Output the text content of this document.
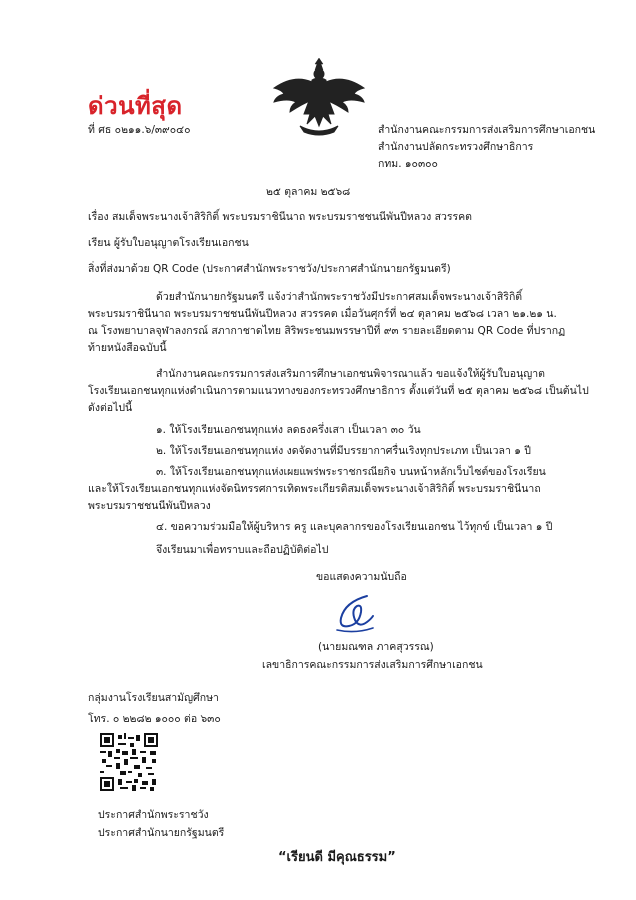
ด่วนที่สุด
ที่ ศธ ๐๒๑๑.๖/๓๙๐๔๐	สำนักงานคณะกรรมการส่งเสริมการศึกษาเอกชน
สำนักงานปลัดกระทรวงศึกษาธิการ
กทม. ๑๐๓๐๐
๒๕ ตุลาคม ๒๕๖๘
เรื่อง สมเด็จพระนางเจ้าสิริกิติ์ พระบรมราชินีนาถ พระบรมราชชนนีพันปีหลวง สวรรคต
เรียน ผู้รับใบอนุญาตโรงเรียนเอกชน
สิ่งที่ส่งมาด้วย QR Code (ประกาศสำนักพระราชวัง/ประกาศสำนักนายกรัฐมนตรี)
ด้วยสำนักนายกรัฐมนตรี แจ้งว่าสำนักพระราชวังมีประกาศสมเด็จพระนางเจ้าสิริกิติ์
พระบรมราชินีนาถ พระบรมราชชนนีพันปีหลวง สวรรคต เมื่อวันศุกร์ที่ ๒๔ ตุลาคม ๒๕๖๘ เวลา ๒๑.๒๑ น.
ณ โรงพยาบาลจุฬาลงกรณ์ สภากาชาดไทย สิริพระชนมพรรษาปีที่ ๙๓ รายละเอียดตาม QR Code ที่ปรากฏ
ท้ายหนังสือฉบับนี้
สำนักงานคณะกรรมการส่งเสริมการศึกษาเอกชนพิจารณาแล้ว ขอแจ้งให้ผู้รับใบอนุญาต
โรงเรียนเอกชนทุกแห่งดำเนินการตามแนวทางของกระทรวงศึกษาธิการ ตั้งแต่วันที่ ๒๕ ตุลาคม ๒๕๖๘ เป็นต้นไป
ดังต่อไปนี้
๑. ให้โรงเรียนเอกชนทุกแห่ง ลดธงครึ่งเสา เป็นเวลา ๓๐ วัน
๒. ให้โรงเรียนเอกชนทุกแห่ง งดจัดงานที่มีบรรยากาศรื่นเริงทุกประเภท เป็นเวลา ๑ ปี
๓. ให้โรงเรียนเอกชนทุกแห่งเผยแพร่พระราชกรณียกิจ บนหน้าหลักเว็บไซต์ของโรงเรียน
และให้โรงเรียนเอกชนทุกแห่งจัดนิทรรศการเทิดพระเกียรติสมเด็จพระนางเจ้าสิริกิติ์ พระบรมราชินีนาถ
พระบรมราชชนนีพันปีหลวง
๔. ขอความร่วมมือให้ผู้บริหาร ครู และบุคลากรของโรงเรียนเอกชน ไว้ทุกข์ เป็นเวลา ๑ ปี
จึงเรียนมาเพื่อทราบและถือปฏิบัติต่อไป
ขอแสดงความนับถือ
(นายมณฑล ภาคสุวรรณ)
เลขาธิการคณะกรรมการส่งเสริมการศึกษาเอกชน
กลุ่มงานโรงเรียนสามัญศึกษา
โทร. ๐ ๒๒๘๒ ๑๐๐๐ ต่อ ๖๓๐
ประกาศสำนักพระราชวัง
ประกาศสำนักนายกรัฐมนตรี
“เรียนดี มีคุณธรรม”
